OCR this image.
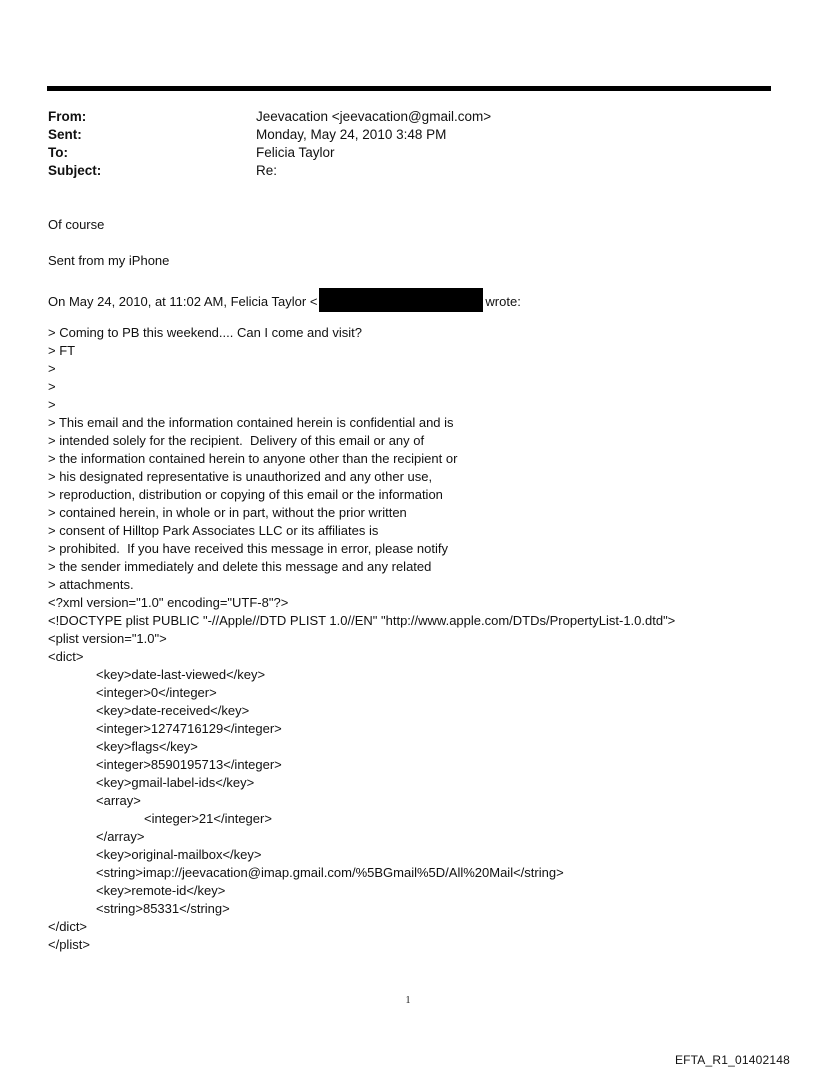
From:	Jeevacation <jeevacation@gmail.com>
Sent:	Monday, May 24, 2010 3:48 PM
To:	Felicia Taylor
Subject:	Re:
Of course
Sent from my iPhone
On May 24, 2010, at 11:02 AM, Felicia Taylor <	wrote:
> Coming to PB this weekend.... Can I come and visit?
> FT
>
>
>
> This email and the information contained herein is confidential and is
> intended solely for the recipient.  Delivery of this email or any of
> the information contained herein to anyone other than the recipient or
> his designated representative is unauthorized and any other use,
> reproduction, distribution or copying of this email or the information
> contained herein, in whole or in part, without the prior written
> consent of Hilltop Park Associates LLC or its affiliates is
> prohibited.  If you have received this message in error, please notify
> the sender immediately and delete this message and any related
> attachments.
<?xml version="1.0" encoding="UTF-8"?>
<!DOCTYPE plist PUBLIC "-//Apple//DTD PLIST 1.0//EN" "http://www.apple.com/DTDs/PropertyList-1.0.dtd">
<plist version="1.0">
<dict>
<key>date-last-viewed</key>
<integer>0</integer>
<key>date-received</key>
<integer>1274716129</integer>
<key>flags</key>
<integer>8590195713</integer>
<key>gmail-label-ids</key>
<array>
<integer>21</integer>
</array>
<key>original-mailbox</key>
<string>imap://jeevacation@imap.gmail.com/%5BGmail%5D/All%20Mail</string>
<key>remote-id</key>
<string>85331</string>
</dict>
</plist>
1
EFTA_R1_01402148
